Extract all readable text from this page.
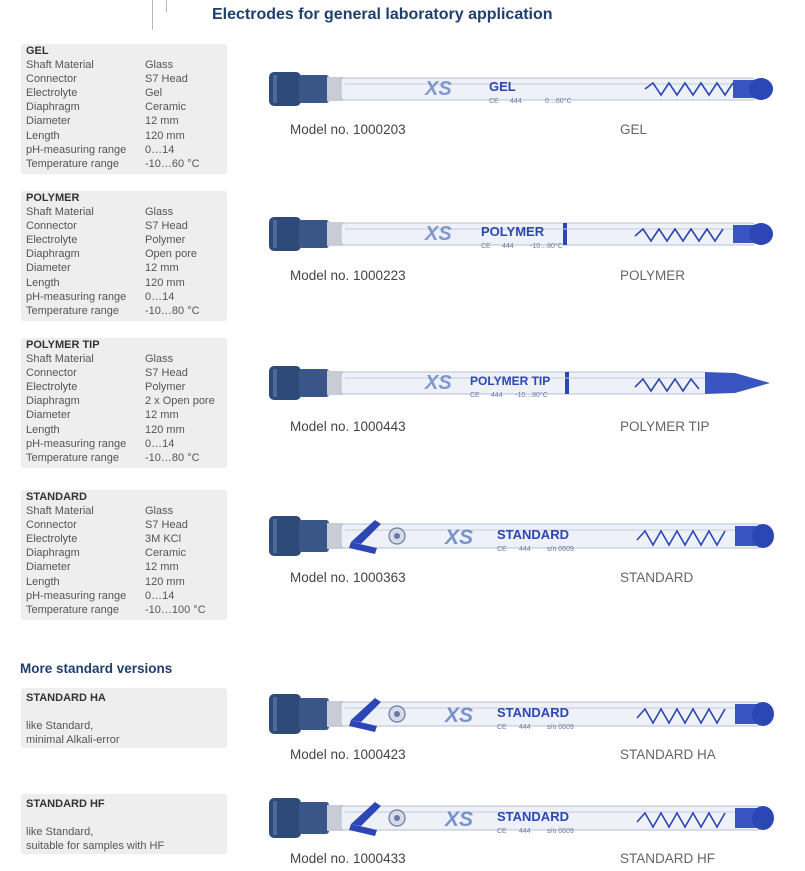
Electrodes for general laboratory application
GEL
Shaft Material	Glass
Connector	S7 Head
Electrolyte	Gel
Diaphragm	Ceramic
Diameter	12 mm
Length	120 mm
pH-measuring range	0…14
Temperature range	-10…60 °C
XS	GEL
CE 444	0…60°C
Model no. 1000203	GEL
POLYMER
Shaft Material	Glass
Connector	S7 Head
Electrolyte	Polymer
Diaphragm	Open pore
Diameter	12 mm
Length	120 mm
pH-measuring range	0…14
Temperature range	-10…80 °C
XS POLYMER
CE 444 -10…80°C
Model no. 1000223	POLYMER
POLYMER TIP
Shaft Material	Glass
Connector	S7 Head
Electrolyte	Polymer
Diaphragm	2 x Open pore
Diameter	12 mm
Length	120 mm
pH-measuring range	0…14
Temperature range	-10…80 °C
XS POLYMER TIP
CE 444 -10…80°C
Model no. 1000443	POLYMER TIP
STANDARD
Shaft Material	Glass
Connector	S7 Head
Electrolyte	3M KCl
Diaphragm	Ceramic
Diameter	12 mm
Length	120 mm
pH-measuring range	0…14
Temperature range	-10…100 °C
XS STANDARD
CE 444 s/n 0609
Model no. 1000363	STANDARD
More standard versions
STANDARD HA
like Standard,
minimal Alkali-error
XS STANDARD
CE 444 s/n 0609
Model no. 1000423	STANDARD HA
STANDARD HF
like Standard,
suitable for samples with HF
XS STANDARD
CE 444 s/n 0609
Model no. 1000433	STANDARD HF
